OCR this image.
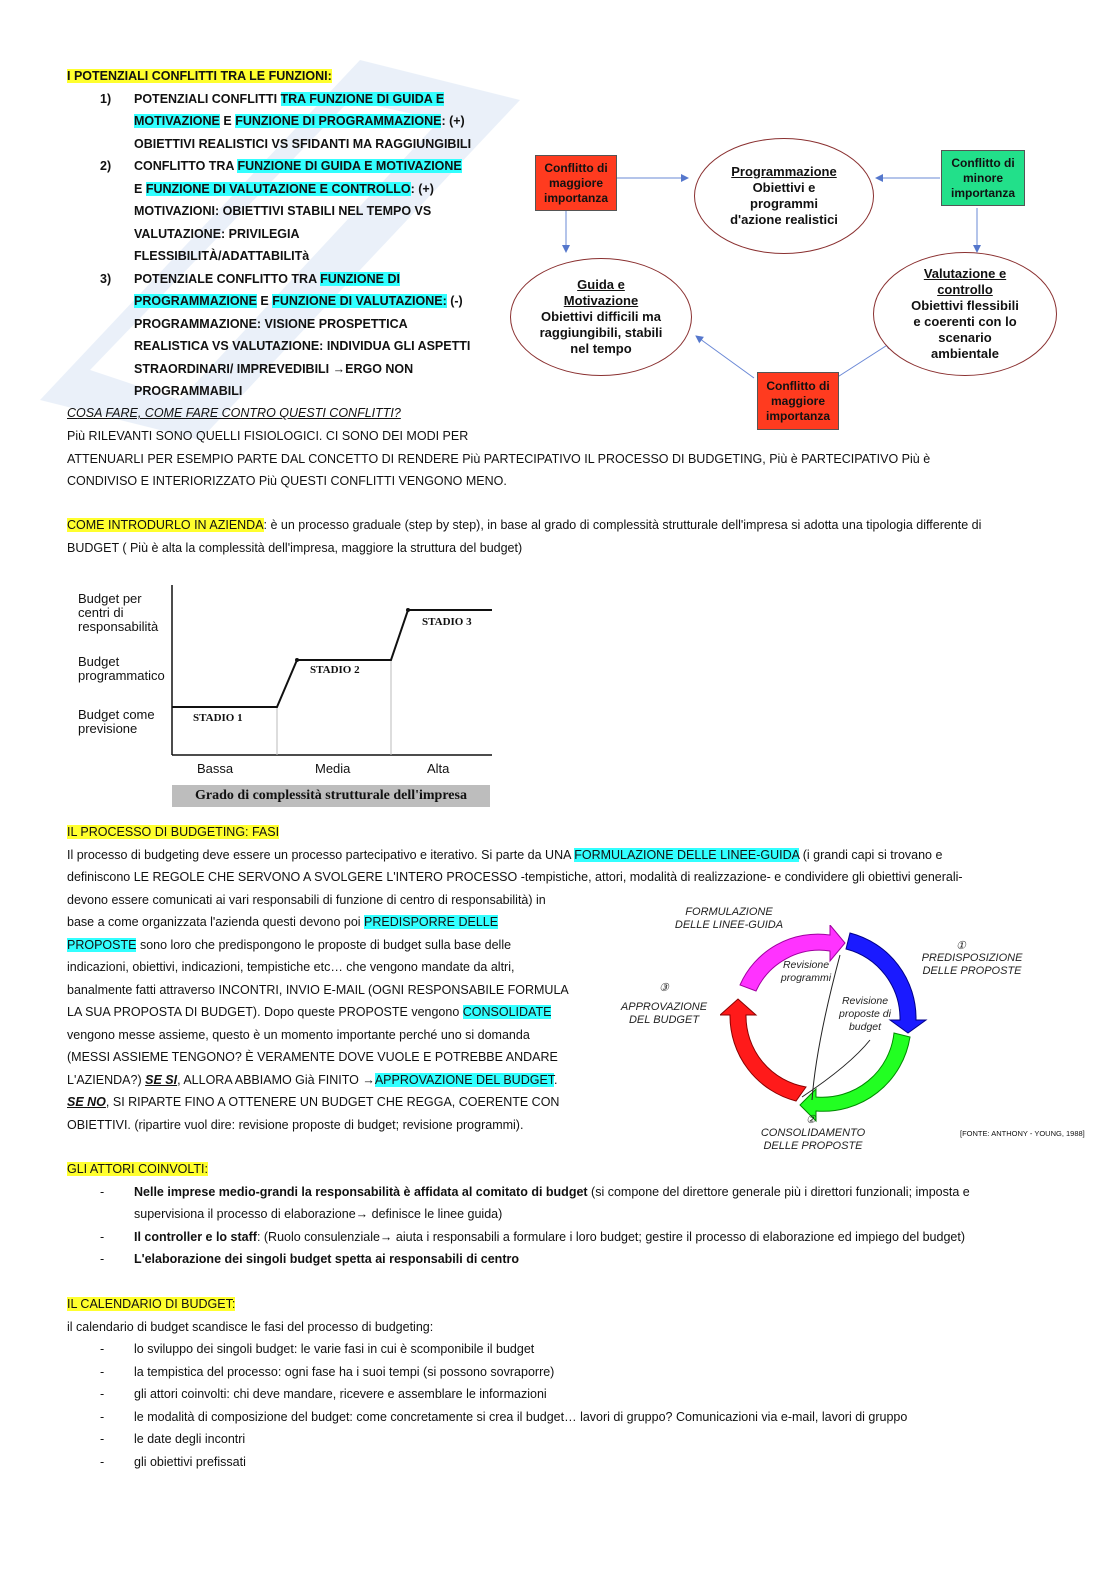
I POTENZIALI CONFLITTI TRA LE FUNZIONI:
1)	POTENZIALI CONFLITTI TRA FUNZIONE DI GUIDA E
MOTIVAZIONE E FUNZIONE DI PROGRAMMAZIONE: (+)
OBIETTIVI REALISTICI VS SFIDANTI MA RAGGIUNGIBILI
2)	CONFLITTO TRA FUNZIONE DI GUIDA E MOTIVAZIONE
E FUNZIONE DI VALUTAZIONE E CONTROLLO: (+)
MOTIVAZIONI: OBIETTIVI STABILI NEL TEMPO VS
VALUTAZIONE: PRIVILEGIA
FLESSIBILITÀ/ADATTABILITà
3)	POTENZIALE CONFLITTO TRA FUNZIONE DI
PROGRAMMAZIONE E FUNZIONE DI VALUTAZIONE: (-)
PROGRAMMAZIONE: VISIONE PROSPETTICA
REALISTICA VS VALUTAZIONE: INDIVIDUA GLI ASPETTI
STRAORDINARI/ IMPREVEDIBILI →ERGO NON
PROGRAMMABILI
COSA FARE, COME FARE CONTRO QUESTI CONFLITTI?
Più RILEVANTI SONO QUELLI FISIOLOGICI. CI SONO DEI MODI PER
ATTENUARLI PER ESEMPIO PARTE DAL CONCETTO DI RENDERE Più PARTECIPATIVO IL PROCESSO DI BUDGETING, Più è PARTECIPATIVO Più è
CONDIVISO E INTERIORIZZATO Più QUESTI CONFLITTI VENGONO MENO.
Conflitto di maggiore importanza
Conflitto di minore importanza
Conflitto di maggiore importanza
Programmazione
Obiettivi e programmi d'azione realistici
Guida e Motivazione
Obiettivi difficili ma raggiungibili, stabili nel tempo
Valutazione e controllo
Obiettivi flessibili e coerenti con lo scenario ambientale
COME INTRODURLO IN AZIENDA: è un processo graduale (step by step), in base al grado di complessità strutturale dell'impresa si adotta una tipologia differente di
BUDGET ( Più è alta la complessità dell'impresa, maggiore la struttura del budget)
Budget per centri di responsabilità
Budget programmatico
Budget come previsione
STADIO 1
STADIO 2
STADIO 3
Bassa	Media	Alta
Grado di complessità strutturale dell'impresa
IL PROCESSO DI BUDGETING: FASI
Il processo di budgeting deve essere un processo partecipativo e iterativo. Si parte da UNA FORMULAZIONE DELLE LINEE-GUIDA (i grandi capi si trovano e
definiscono LE REGOLE CHE SERVONO A SVOLGERE L'INTERO PROCESSO -tempistiche, attori, modalità di realizzazione- e condividere gli obiettivi generali-
devono essere comunicati ai vari responsabili di funzione di centro di responsabilità) in
base a come organizzata l'azienda questi devono poi PREDISPORRE DELLE
PROPOSTE sono loro che predispongono le proposte di budget sulla base delle
indicazioni, obiettivi, indicazioni, tempistiche etc… che vengono mandate da altri,
banalmente fatti attraverso INCONTRI, INVIO E-MAIL (OGNI RESPONSABILE FORMULA
LA SUA PROPOSTA DI BUDGET). Dopo queste PROPOSTE vengono CONSOLIDATE
vengono messe assieme, questo è un momento importante perché uno si domanda
(MESSI ASSIEME TENGONO? È VERAMENTE DOVE VUOLE E POTREBBE ANDARE
L'AZIENDA?) SE SI, ALLORA ABBIAMO Già FINITO →APPROVAZIONE DEL BUDGET.
SE NO, SI RIPARTE FINO A OTTENERE UN BUDGET CHE REGGA, COERENTE CON
OBIETTIVI. (ripartire vuol dire: revisione proposte di budget; revisione programmi).
FORMULAZIONE DELLE LINEE-GUIDA
①
PREDISPOSIZIONE DELLE PROPOSTE
③
APPROVAZIONE DEL BUDGET
②
CONSOLIDAMENTO DELLE PROPOSTE
Revisione programmi
Revisione proposte di budget
[FONTE: ANTHONY - YOUNG, 1988]
GLI ATTORI COINVOLTI:
- Nelle imprese medio-grandi la responsabilità è affidata al comitato di budget (si compone del direttore generale più i direttori funzionali; imposta e
supervisiona il processo di elaborazione→ definisce le linee guida)
- Il controller e lo staff: (Ruolo consulenziale→ aiuta i responsabili a formulare i loro budget; gestire il processo di elaborazione ed impiego del budget)
- L'elaborazione dei singoli budget spetta ai responsabili di centro
IL CALENDARIO DI BUDGET:
il calendario di budget scandisce le fasi del processo di budgeting:
- lo sviluppo dei singoli budget: le varie fasi in cui è scomponibile il budget
- la tempistica del processo: ogni fase ha i suoi tempi (si possono sovraporre)
- gli attori coinvolti: chi deve mandare, ricevere e assemblare le informazioni
- le modalità di composizione del budget: come concretamente si crea il budget… lavori di gruppo? Comunicazioni via e-mail, lavori di gruppo
- le date degli incontri
- gli obiettivi prefissati
